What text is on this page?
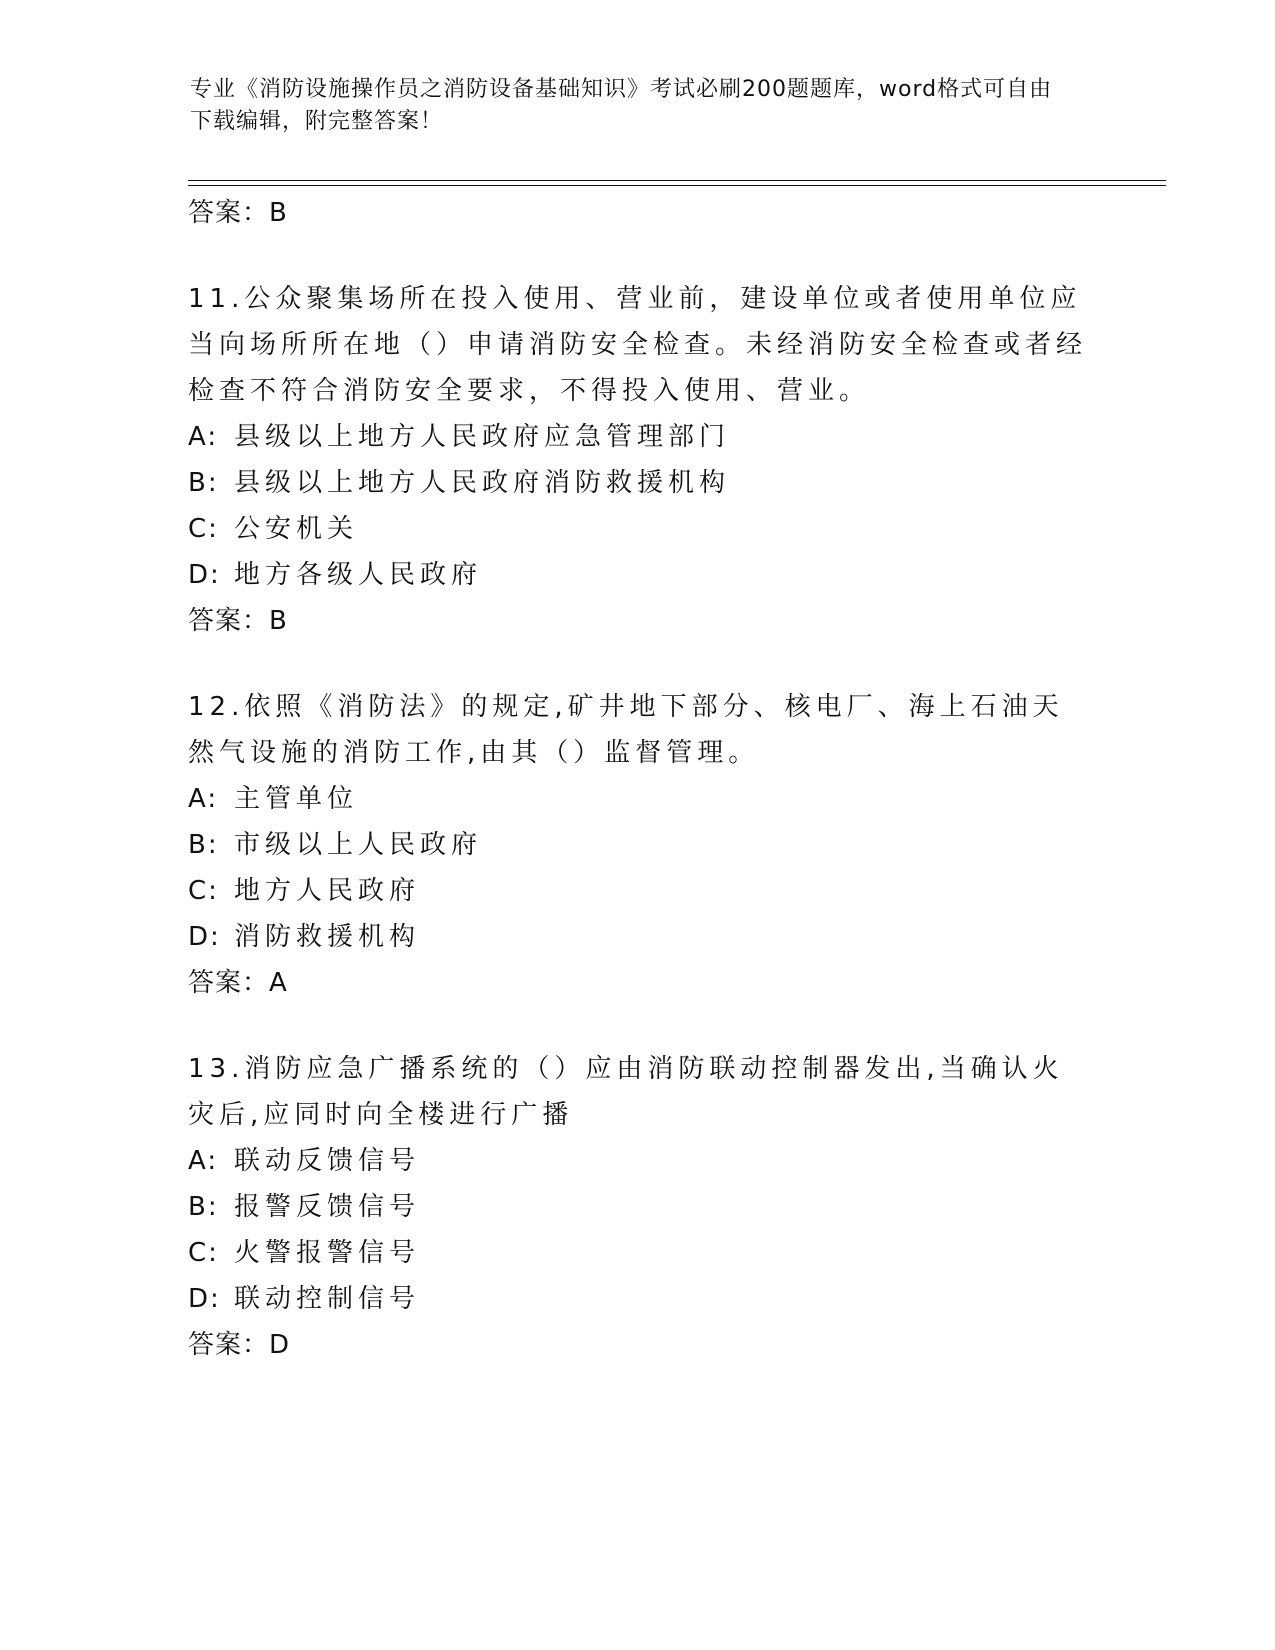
专业《消防设施操作员之消防设备基础知识》考试必刷200题题库，word格式可自由下载编辑，附完整答案！
答案：B
11.公众聚集场所在投入使用、营业前，建设单位或者使用单位应当向场所所在地（）申请消防安全检查。未经消防安全检查或者经检查不符合消防安全要求，不得投入使用、营业。
A: 县级以上地方人民政府应急管理部门
B: 县级以上地方人民政府消防救援机构
C: 公安机关
D: 地方各级人民政府
答案：B
12.依照《消防法》的规定,矿井地下部分、核电厂、海上石油天然气设施的消防工作,由其（）监督管理。
A: 主管单位
B: 市级以上人民政府
C: 地方人民政府
D: 消防救援机构
答案：A
13.消防应急广播系统的（）应由消防联动控制器发出,当确认火灾后,应同时向全楼进行广播
A: 联动反馈信号
B: 报警反馈信号
C: 火警报警信号
D: 联动控制信号
答案：D
